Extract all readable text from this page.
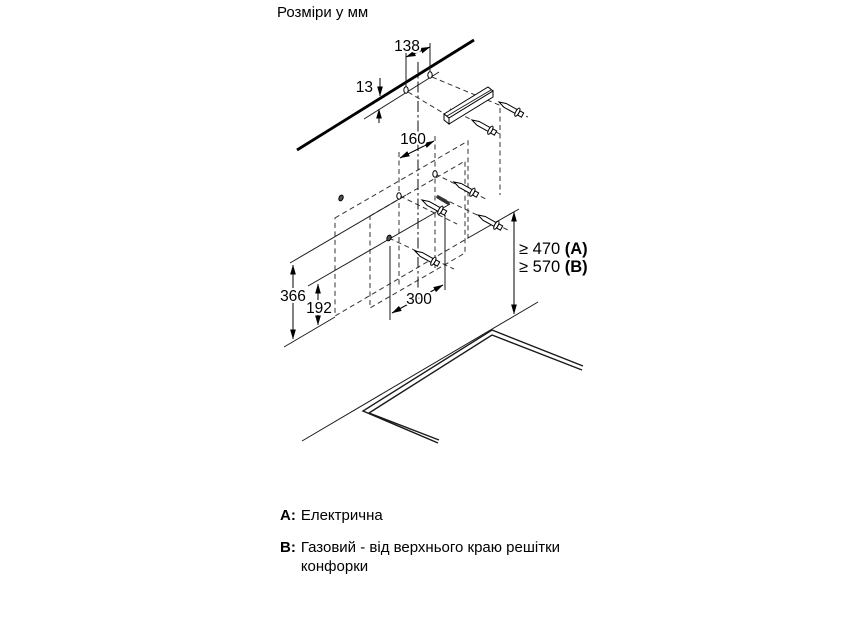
Розміри у мм
138
13
160
366
192
300
≥ 470 (A)
≥ 570 (B)
A: Електрична
B: Газовий - від верхнього краю решітки конфорки
